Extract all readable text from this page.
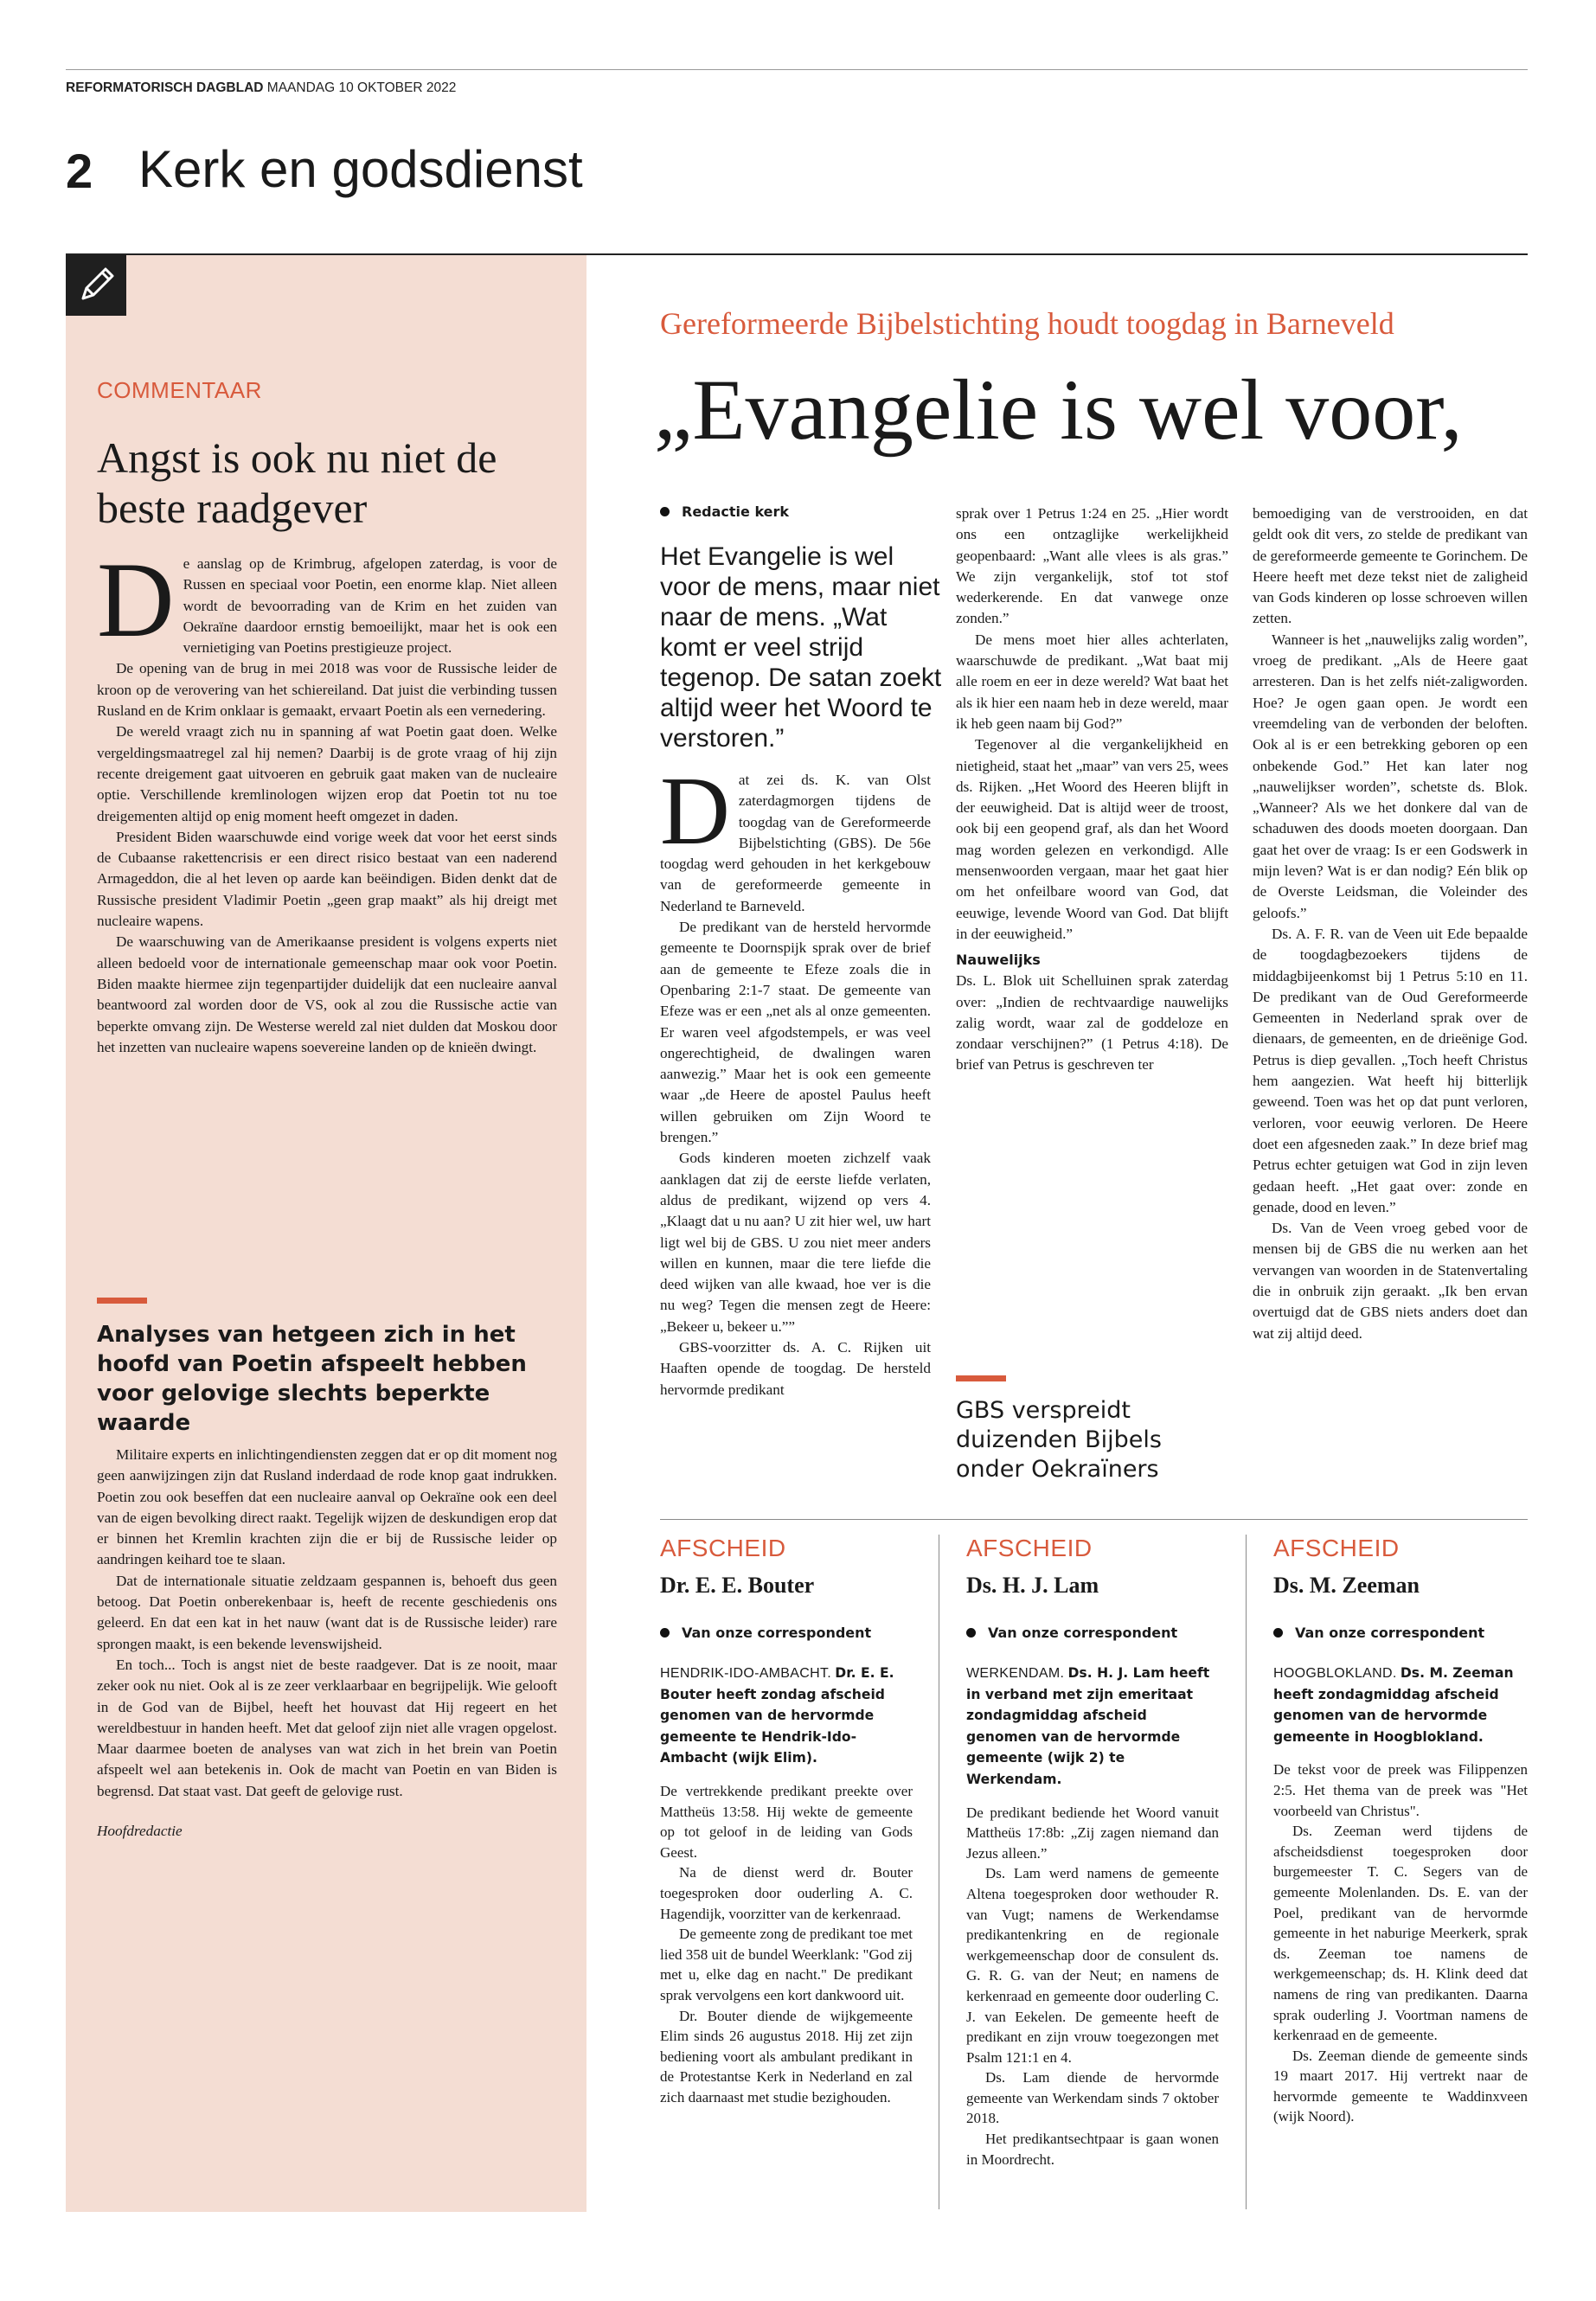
REFORMATORISCH DAGBLAD MAANDAG 10 OKTOBER 2022
2 Kerk en godsdienst
COMMENTAAR
Angst is ook nu niet de beste raadgever
D e aanslag op de Krimbrug, afgelopen zaterdag, is voor de Russen en speciaal voor Poetin, een enorme klap. Niet alleen wordt de bevoorrading van de Krim en het zuiden van Oekraïne daardoor ernstig bemoeilijkt, maar het is ook een vernietiging van Poetins prestigieuze project.

De opening van de brug in mei 2018 was voor de Russische leider de kroon op de verovering van het schiereiland. Dat juist die verbinding tussen Rusland en de Krim onklaar is gemaakt, ervaart Poetin als een vernedering.

De wereld vraagt zich nu in spanning af wat Poetin gaat doen. Welke vergeldingsmaatregel zal hij nemen? Daarbij is de grote vraag of hij zijn recente dreigement gaat uitvoeren en gebruik gaat maken van de nucleaire optie. Verschillende kremlinologen wijzen erop dat Poetin tot nu toe dreigementen altijd op enig moment heeft omgezet in daden.

President Biden waarschuwde eind vorige week dat voor het eerst sinds de Cubaanse rakettencrisis er een direct risico bestaat van een naderend Armageddon, die al het leven op aarde kan beëindigen. Biden denkt dat de Russische president Vladimir Poetin „geen grap maakt” als hij dreigt met nucleaire wapens.

De waarschuwing van de Amerikaanse president is volgens experts niet alleen bedoeld voor de internationale gemeenschap maar ook voor Poetin. Biden maakte hiermee zijn tegenpartijder duidelijk dat een nucleaire aanval beantwoord zal worden door de VS, ook al zou die Russische actie van beperkte omvang zijn. De Westerse wereld zal niet dulden dat Moskou door het inzetten van nucleaire wapens soevereine landen op de knieën dwingt.

Analyses van hetgeen zich in het hoofd van Poetin afspeelt hebben voor gelovige slechts beperkte waarde

Militaire experts en inlichtingendiensten zeggen dat er op dit moment nog geen aanwijzingen zijn dat Rusland inderdaad de rode knop gaat indrukken. Poetin zou ook beseffen dat een nucleaire aanval op Oekraïne ook een deel van de eigen bevolking direct raakt. Tegelijk wijzen de deskundigen erop dat er binnen het Kremlin krachten zijn die er bij de Russische leider op aandringen keihard toe te slaan.

Dat de internationale situatie zeldzaam gespannen is, behoeft dus geen betoog. Dat Poetin onberekenbaar is, heeft de recente geschiedenis ons geleerd. En dat een kat in het nauw (want dat is de Russische leider) rare sprongen maakt, is een bekende levenswijsheid.

En toch... Toch is angst niet de beste raadgever. Dat is ze nooit, maar zeker ook nu niet. Ook al is ze zeer verklaarbaar en begrijpelijk. Wie gelooft in de God van de Bijbel, heeft het houvast dat Hij regeert en het wereldbestuur in handen heeft. Met dat geloof zijn niet alle vragen opgelost. Maar daarmee boeten de analyses van wat zich in het brein van Poetin afspeelt wel aan betekenis in. Ook de macht van Poetin en van Biden is begrensd. Dat staat vast. Dat geeft de gelovige rust.

Hoofdredactie

Gereformeerde Bijbelstichting houdt toogdag in Barneveld
„Evangelie is wel voor,
Redactie kerk
Het Evangelie is wel voor de mens, maar niet naar de mens. „Wat komt er veel strijd tegenop. De satan zoekt altijd weer het Woord te verstoren.”
D at zei ds. K. van Olst zaterdagmorgen tijdens de toogdag van de Gereformeerde Bijbelstichting (GBS). De 56e toogdag werd gehouden in het kerkgebouw van de gereformeerde gemeente in Nederland te Barneveld.

De predikant van de hersteld hervormde gemeente te Doornspijk sprak over de brief aan de gemeente te Efeze zoals die in Openbaring 2:1-7 staat. De gemeente van Efeze was er een „net als al onze gemeenten. Er waren veel afgodstempels, er was veel ongerechtigheid, de dwalingen waren aanwezig.” Maar het is ook een gemeente waar „de Heere de apostel Paulus heeft willen gebruiken om Zijn Woord te brengen.”

Gods kinderen moeten zichzelf vaak aanklagen dat zij de eerste liefde verlaten, aldus de predikant, wijzend op vers 4. „Klaagt dat u nu aan? U zit hier wel, uw hart ligt wel bij de GBS. U zou niet meer anders willen en kunnen, maar die tere liefde die deed wijken van alle kwaad, hoe ver is die nu weg? Tegen die mensen zegt de Heere: „Bekeer u, bekeer u.””

GBS-voorzitter ds. A. C. Rijken uit Haaften opende de toogdag. De hersteld hervormde predikant

sprak over 1 Petrus 1:24 en 25. „Hier wordt ons een ontzaglijke werkelijkheid geopenbaard: „Want alle vlees is als gras.” We zijn vergankelijk, stof tot stof wederkerende. En dat vanwege onze zonden.”

De mens moet hier alles achterlaten, waarschuwde de predikant. „Wat baat mij alle roem en eer in deze wereld? Wat baat het als ik hier een naam heb in deze wereld, maar ik heb geen naam bij God?”

Tegenover al die vergankelijkheid en nietigheid, staat het „maar” van vers 25, wees ds. Rijken. „Het Woord des Heeren blijft in der eeuwigheid. Dat is altijd weer de troost, ook bij een geopend graf, als dan het Woord mag worden gelezen en verkondigd. Alle mensenwoorden vergaan, maar het gaat hier om het onfeilbare woord van God, dat eeuwige, levende Woord van God. Dat blijft in der eeuwigheid.”

Nauwelijks

Ds. L. Blok uit Schelluinen sprak zaterdag over: „Indien de rechtvaardige nauwelijks zalig wordt, waar zal de goddeloze en zondaar verschijnen?” (1 Petrus 4:18). De brief van Petrus is geschreven ter

GBS verspreidt duizenden Bijbels onder Oekraïners

bemoediging van de verstrooiden, en dat geldt ook dit vers, zo stelde de predikant van de gereformeerde gemeente te Gorinchem. De Heere heeft met deze tekst niet de zaligheid van Gods kinderen op losse schroeven willen zetten.

Wanneer is het „nauwelijks zalig worden”, vroeg de predikant. „Als de Heere gaat arresteren. Dan is het zelfs niét-zaligworden. Hoe? Je ogen gaan open. Je wordt een vreemdeling van de verbonden der beloften. Ook al is er een betrekking geboren op een onbekende God.” Het kan later nog „nauwelijkser worden”, schetste ds. Blok. „Wanneer? Als we het donkere dal van de schaduwen des doods moeten doorgaan. Dan gaat het over de vraag: Is er een Godswerk in mijn leven? Wat is er dan nodig? Eén blik op de Overste Leidsman, die Voleinder des geloofs.”

Ds. A. F. R. van de Veen uit Ede bepaalde de toogdagbezoekers tijdens de middagbijeenkomst bij 1 Petrus 5:10 en 11. De predikant van de Oud Gereformeerde Gemeenten in Nederland sprak over de dienaars, de gemeenten, en de drieënige God. Petrus is diep gevallen. „Toch heeft Christus hem aangezien. Wat heeft hij bitterlijk geweend. Toen was het op dat punt verloren, verloren, voor eeuwig verloren. De Heere doet een afgesneden zaak.” In deze brief mag Petrus echter getuigen wat God in zijn leven gedaan heeft. „Het gaat over: zonde en genade, dood en leven.”

Ds. Van de Veen vroeg gebed voor de mensen bij de GBS die nu werken aan het vervangen van woorden in de Statenvertaling die in onbruik zijn geraakt. „Ik ben ervan overtuigd dat de GBS niets anders doet dan wat zij altijd deed.

AFSCHEID
Dr. E. E. Bouter
Van onze correspondent

HENDRIK-IDO-AMBACHT. Dr. E. E. Bouter heeft zondag afscheid genomen van de hervormde gemeente te Hendrik-Ido-Ambacht (wijk Elim).

De vertrekkende predikant preekte over Mattheüs 13:58. Hij wekte de gemeente op tot geloof in de leiding van Gods Geest.

Na de dienst werd dr. Bouter toegesproken door ouderling A. C. Hagendijk, voorzitter van de kerkenraad.

De gemeente zong de predikant toe met lied 358 uit de bundel Weerklank: "God zij met u, elke dag en nacht." De predikant sprak vervolgens een kort dankwoord uit.

Dr. Bouter diende de wijkgemeente Elim sinds 26 augustus 2018. Hij zet zijn bediening voort als ambulant predikant in de Protestantse Kerk in Nederland en zal zich daarnaast met studie bezighouden.

AFSCHEID
Ds. H. J. Lam
Van onze correspondent

WERKENDAM. Ds. H. J. Lam heeft in verband met zijn emeritaat zondagmiddag afscheid genomen van de hervormde gemeente (wijk 2) te Werkendam.

De predikant bediende het Woord vanuit Mattheüs 17:8b: „Zij zagen niemand dan Jezus alleen.”

Ds. Lam werd namens de gemeente Altena toegesproken door wethouder R. van Vugt; namens de Werkendamse predikantenkring en de regionale werkgemeenschap door de consulent ds. G. R. G. van der Neut; en namens de kerkenraad en gemeente door ouderling C. J. van Eekelen. De gemeente heeft de predikant en zijn vrouw toegezongen met Psalm 121:1 en 4.

Ds. Lam diende de hervormde gemeente van Werkendam sinds 7 oktober 2018.

Het predikantsechtpaar is gaan wonen in Moordrecht.

AFSCHEID
Ds. M. Zeeman
Van onze correspondent

HOOGBLOKLAND. Ds. M. Zeeman heeft zondagmiddag afscheid genomen van de hervormde gemeente in Hoogblokland.

De tekst voor de preek was Filippenzen 2:5. Het thema van de preek was "Het voorbeeld van Christus".

Ds. Zeeman werd tijdens de afscheidsdienst toegesproken door burgemeester T. C. Segers van de gemeente Molenlanden. Ds. E. van der Poel, predikant van de hervormde gemeente in het naburige Meerkerk, sprak ds. Zeeman toe namens de werkgemeenschap; ds. H. Klink deed dat namens de ring van predikanten. Daarna sprak ouderling J. Voortman namens de kerkenraad en de gemeente.

Ds. Zeeman diende de gemeente sinds 19 maart 2017. Hij vertrekt naar de hervormde gemeente te Waddinxveen (wijk Noord).
